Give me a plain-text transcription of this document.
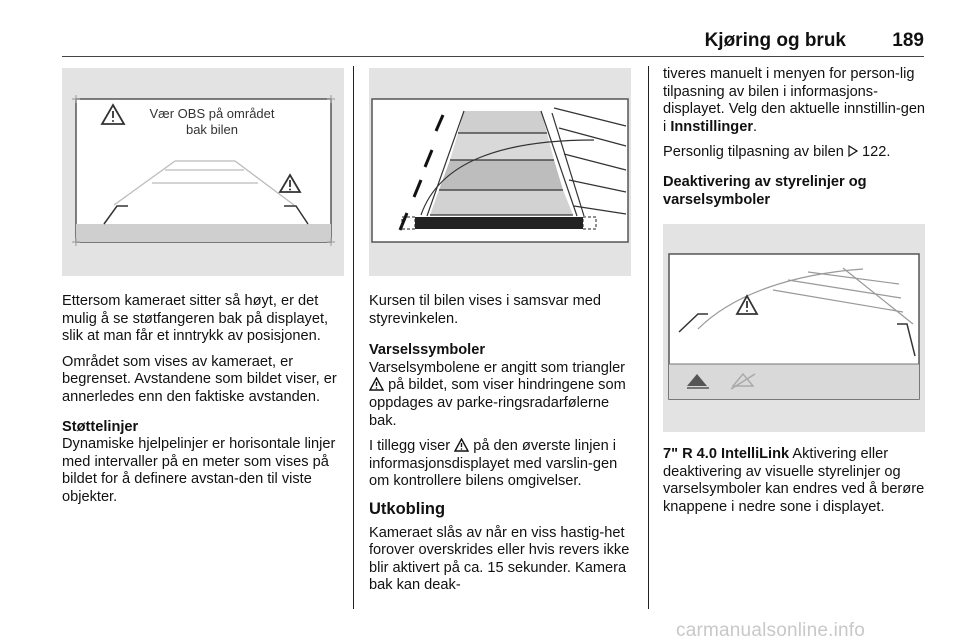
Kjøring og bruk 189
Vær OBS på området
bak bilen

Ettersom kameraet sitter så høyt, er det mulig å se støtfangeren bak på displayet, slik at man får et inntrykk av posisjonen.

Området som vises av kameraet, er begrenset. Avstandene som bildet viser, er annerledes enn den faktiske avstanden.

Støttelinjer

Dynamiske hjelpelinjer er horisontale linjer med intervaller på en meter som vises på bildet for å definere avstan-den til viste objekter.

Kursen til bilen vises i samsvar med styrevinkelen.

Varselssymboler

Varselsymbolene er angitt som triangler  på bildet, som viser hindringene som oppdages av parke-ringsradarfølerne bak.

I tillegg viser på den øverste linjen i informasjonsdisplayet med varslin-gen om kontrollere bilens omgivelser.

Utkobling

Kameraet slås av når en viss hastig-het forover overskrides eller hvis revers ikke blir aktivert på ca. 15 sekunder. Kamera bak kan deak-

tiveres manuelt i menyen for person-lig tilpasning av bilen i informasjons-displayet. Velg den aktuelle innstillin-gen i Innstillinger.

Personlig tilpasning av bilen 122.

Deaktivering av styrelinjer og varselsymboler

7" R 4.0 IntelliLink Aktivering eller deaktivering av visuelle styrelinjer og varselsymboler kan endres ved å berøre knappene i nedre sone i displayet.

carmanualsonline.info
